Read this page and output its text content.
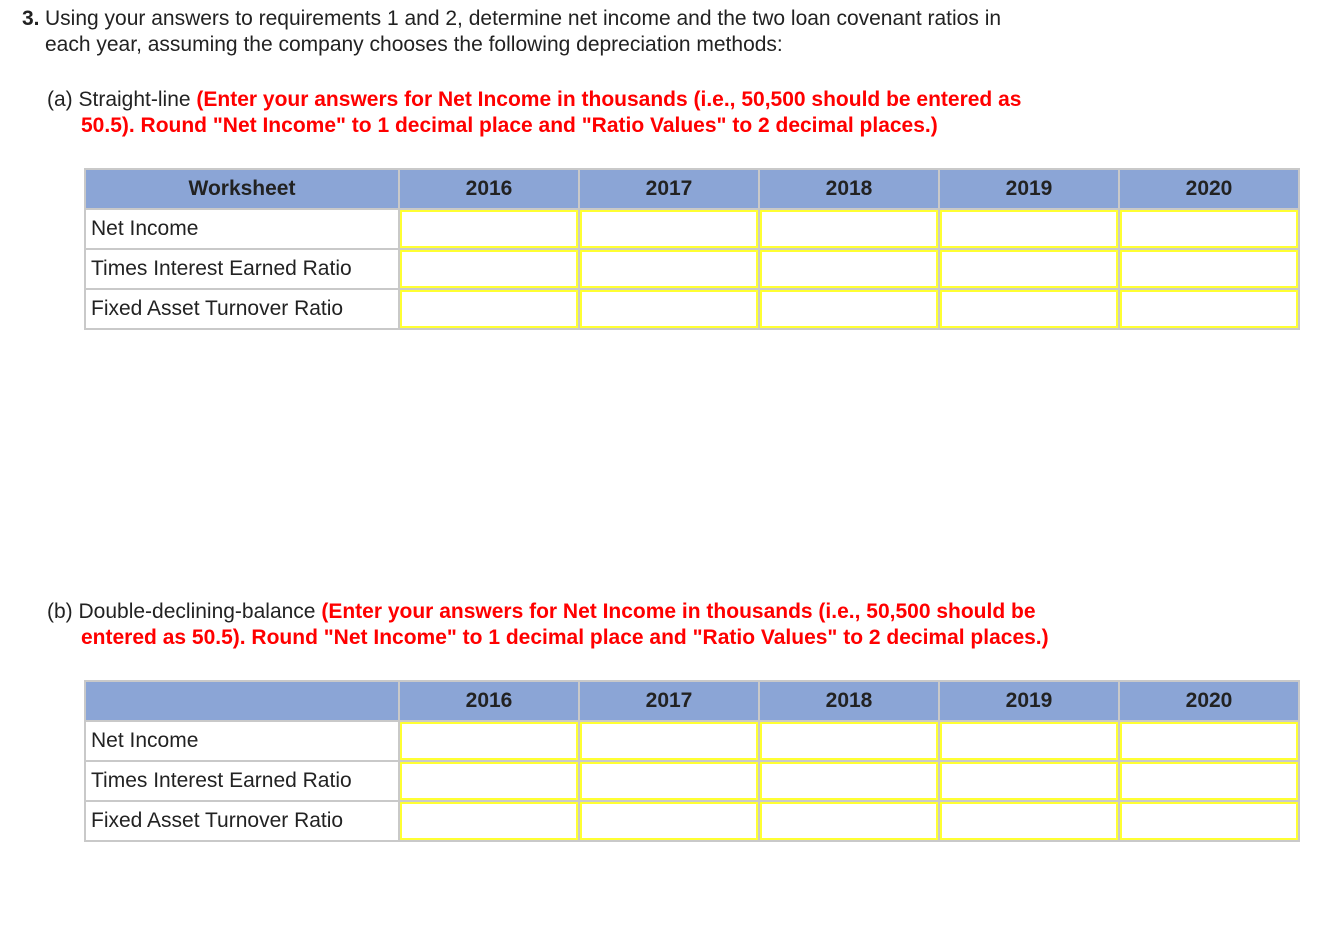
3. Using your answers to requirements 1 and 2, determine net income and the two loan covenant ratios in
each year, assuming the company chooses the following depreciation methods:
(a) Straight-line (Enter your answers for Net Income in thousands (i.e., 50,500 should be entered as
50.5). Round "Net Income" to 1 decimal place and "Ratio Values" to 2 decimal places.)
Worksheet	2016	2017	2018	2019	2020
Net Income	

Times Interest Earned Ratio	

Fixed Asset Turnover Ratio	

(b) Double-declining-balance (Enter your answers for Net Income in thousands (i.e., 50,500 should be
entered as 50.5). Round "Net Income" to 1 decimal place and "Ratio Values" to 2 decimal places.)
	2016	2017	2018	2019	2020
Net Income	

Times Interest Earned Ratio	

Fixed Asset Turnover Ratio	
